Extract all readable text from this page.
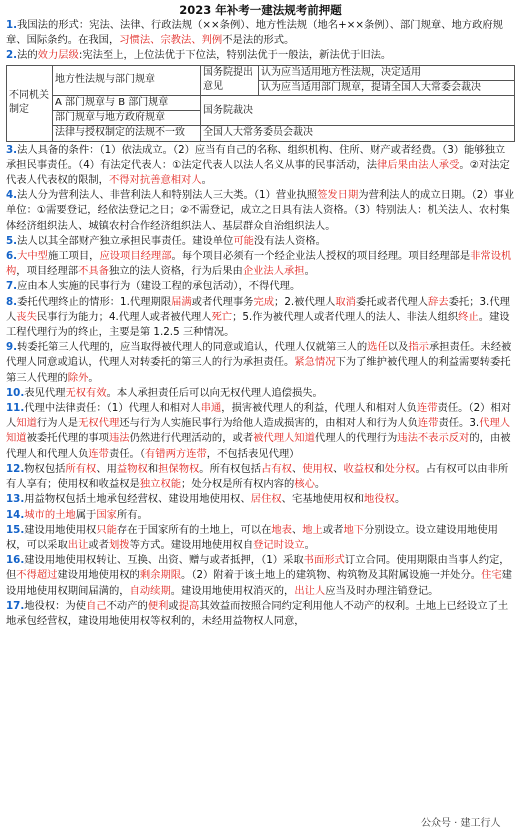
2023 年补考一建法规考前押题

1.我国法的形式：宪法、法律、行政法规（××条例）、地方性法规（地名+××条例）、部门规章、地方政府规章、国际条约。在我国，习惯法、宗教法、判例不是法的形式。

2.法的效力层级:宪法至上，上位法优于下位法，特别法优于一般法，新法优于旧法。

不同机关制定	地方性法规与部门规章	国务院提出意见	认为应当适用地方性法规，决定适用
			认为应当适用部门规章，提请全国人大常委会裁决
	A 部门规章与 B 部门规章	国务院裁决	
	部门规章与地方政府规章		
	法律与授权制定的法规不一致	全国人大常务委员会裁决	

3.法人具备的条件：（1）依法成立。（2）应当有自己的名称、组织机构、住所、财产或者经费。（3）能够独立承担民事责任。（4）有法定代表人：①法定代表人以法人名义从事的民事活动，法律后果由法人承受。②对法定代表人代表权的限制，不得对抗善意相对人。

4.法人分为营利法人、非营利法人和特别法人三大类。（1）营业执照签发日期为营利法人的成立日期。（2）事业单位：①需要登记，经依法登记之日；②不需登记，成立之日具有法人资格。（3）特别法人：机关法人、农村集体经济组织法人、城镇农村合作经济组织法人、基层群众自治组织法人。

5.法人以其全部财产独立承担民事责任。建设单位可能没有法人资格。

6.大中型施工项目，应设项目经理部。每个项目必须有一个经企业法人授权的项目经理。项目经理部是非常设机构，项目经理部不具备独立的法人资格，行为后果由企业法人承担。

7.应由本人实施的民事行为（建设工程的承包活动），不得代理。

8.委托代理终止的情形：1.代理期限届满或者代理事务完成；2.被代理人取消委托或者代理人辞去委托；3.代理人丧失民事行为能力；4.代理人或者被代理人死亡；5.作为被代理人或者代理人的法人、非法人组织终止。建设工程代理行为的终止，主要是第 1.2.5 三种情况。

9.转委托第三人代理的，应当取得被代理人的同意或追认，代理人仅就第三人的选任以及指示承担责任。未经被代理人同意或追认，代理人对转委托的第三人的行为承担责任。紧急情况下为了维护被代理人的利益需要转委托第三人代理的除外。

10.表见代理无权有效。本人承担责任后可以向无权代理人追偿损失。

11.代理中法律责任：（1）代理人和相对人串通，损害被代理人的利益，代理人和相对人负连带责任。（2）相对人知道行为人是无权代理还与行为人实施民事行为给他人造成损害的，由相对人和行为人负连带责任。3.代理人知道被委托代理的事项违法仍然进行代理活动的，或者被代理人知道代理人的代理行为违法不表示反对的，由被代理人和代理人负连带责任。（有错两方连带，不包括表见代理）

12.物权包括所有权、用益物权和担保物权。所有权包括占有权、使用权、收益权和处分权。占有权可以由非所有人享有；使用权和收益权是独立权能；处分权是所有权内容的核心。

13.用益物权包括土地承包经营权、建设用地使用权、居住权、宅基地使用权和地役权。

14.城市的土地属于国家所有。

15.建设用地使用权只能存在于国家所有的土地上，可以在地表、地上或者地下分别设立。设立建设用地使用权，可以采取出让或者划拨等方式。建设用地使用权自登记时设立。

16.建设用地使用权转让、互换、出资、赠与或者抵押，（1）采取书面形式订立合同。使用期限由当事人约定，但不得超过建设用地使用权的剩余期限。（2）附着于该土地上的建筑物、构筑物及其附属设施一并处分。住宅建设用地使用权期间届满的，自动续期。建设用地使用权消灭的，出让人应当及时办理注销登记。

17.地役权：为使自己不动产的便利或提高其效益而按照合同约定利用他人不动产的权利。土地上已经设立了土地承包经营权，建设用地使用权等权利的，未经用益物权人同意，

公众号 · 建工行人
